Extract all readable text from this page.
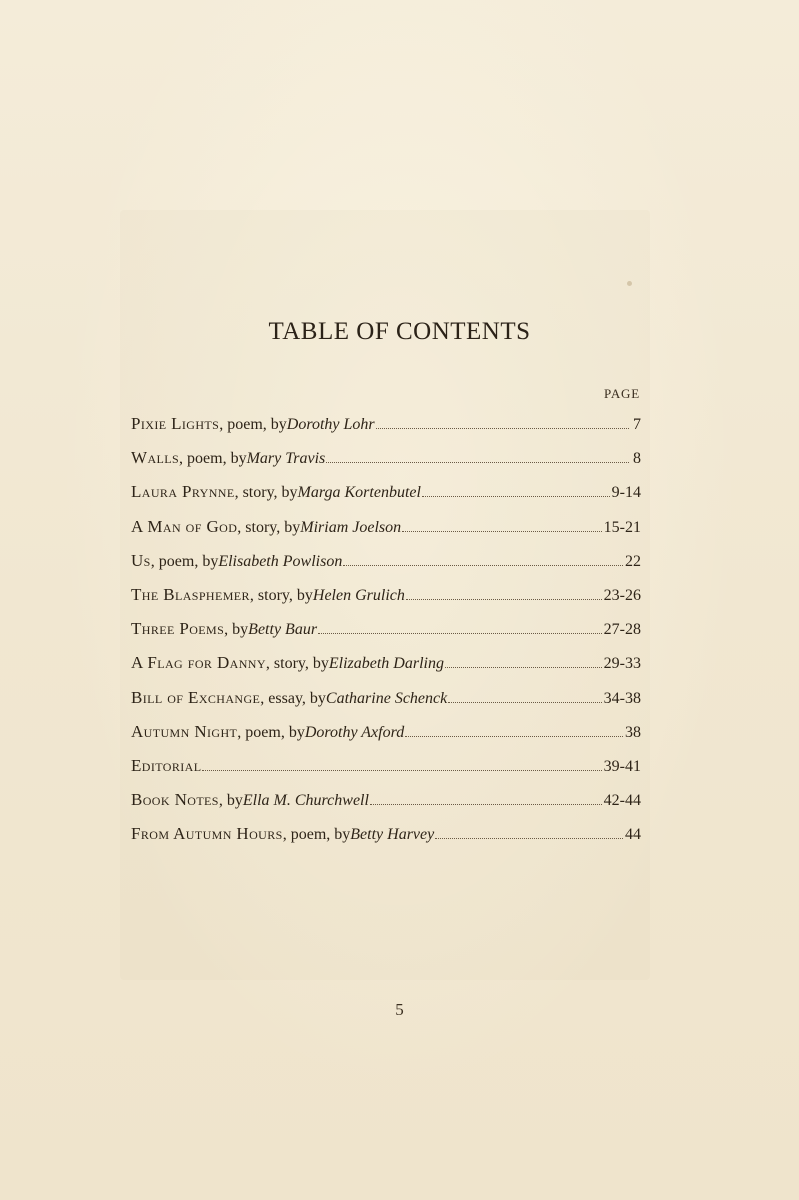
TABLE OF CONTENTS
PAGE
Pixie Lights , poem, by Dorothy Lohr	7
Walls , poem, by Mary Travis	8
Laura Prynne , story, by Marga Kortenbutel	9-14
A Man of God , story, by Miriam Joelson	15-21
Us , poem, by Elisabeth Powlison	22
The Blasphemer , story, by Helen Grulich	23-26
Three Poems , by Betty Baur	27-28
A Flag for Danny , story, by Elizabeth Darling	29-33
Bill of Exchange , essay, by Catharine Schenck	34-38
Autumn Night , poem, by Dorothy Axford	38
Editorial	39-41
Book Notes , by Ella M. Churchwell	42-44
From Autumn Hours , poem, by Betty Harvey	44
5
